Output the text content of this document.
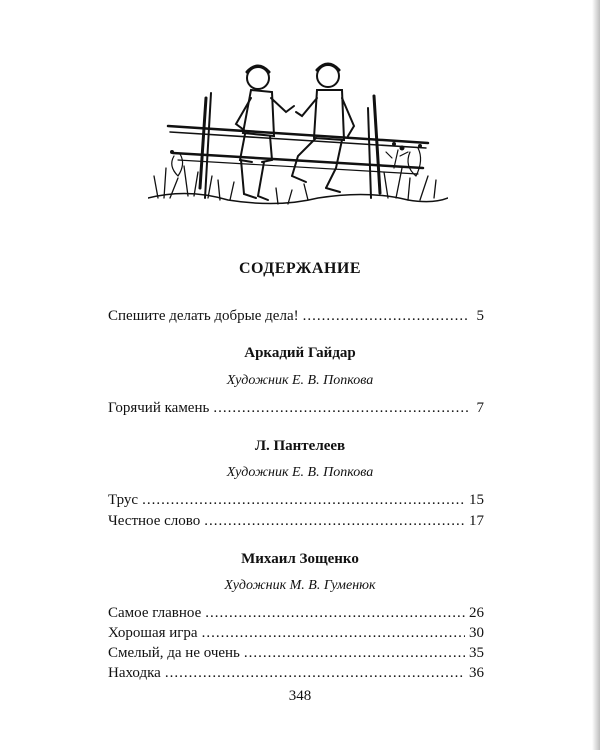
СОДЕРЖАНИЕ
Спешите делать добрые дела! .....	5
Аркадий Гайдар
Художник Е. В. Попкова
Горячий камень .....	7
Л. Пантелеев
Художник Е. В. Попкова
Трус .....	15
Честное слово .....	17
Михаил Зощенко
Художник М. В. Гуменюк
Самое главное .....	26
Хорошая игра .....	30
Смелый, да не очень .....	35
Находка .....	36
348
